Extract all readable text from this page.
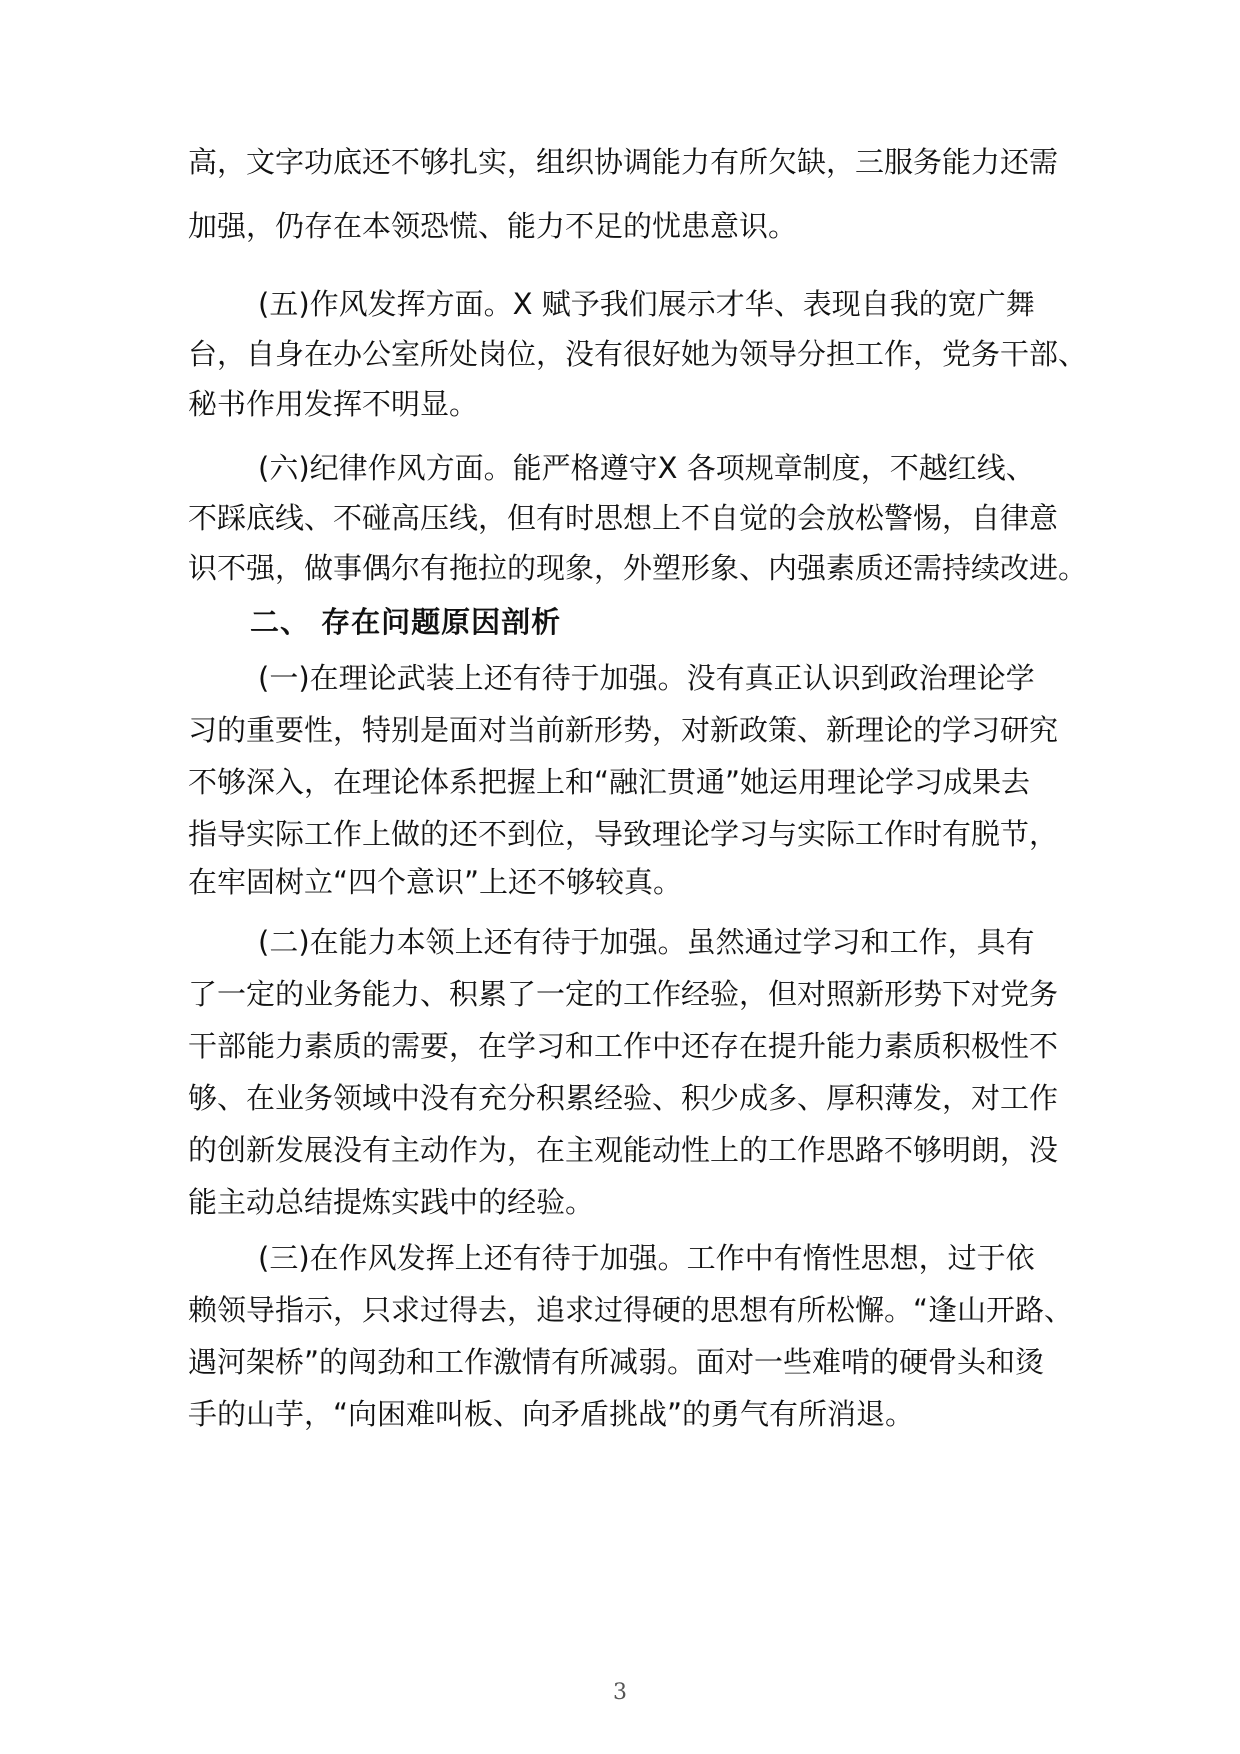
高，文字功底还不够扎实，组织协调能力有所欠缺，三服务能力还需
加强，仍存在本领恐慌、能力不足的忧患意识。
(五)作风发挥方面。X 赋予我们展示才华、表现自我的宽广舞
台，自身在办公室所处岗位，没有很好她为领导分担工作，党务干部、
秘书作用发挥不明显。
(六)纪律作风方面。能严格遵守X 各项规章制度，不越红线、
不踩底线、不碰高压线，但有时思想上不自觉的会放松警惕，自律意
识不强，做事偶尔有拖拉的现象，外塑形象、内强素质还需持续改进。
二、 存在问题原因剖析
(一)在理论武装上还有待于加强。没有真正认识到政治理论学
习的重要性，特别是面对当前新形势，对新政策、新理论的学习研究
不够深入，在理论体系把握上和“融汇贯通”她运用理论学习成果去
指导实际工作上做的还不到位，导致理论学习与实际工作时有脱节，
在牢固树立“四个意识”上还不够较真。
(二)在能力本领上还有待于加强。虽然通过学习和工作，具有
了一定的业务能力、积累了一定的工作经验，但对照新形势下对党务
干部能力素质的需要，在学习和工作中还存在提升能力素质积极性不
够、在业务领域中没有充分积累经验、积少成多、厚积薄发，对工作
的创新发展没有主动作为，在主观能动性上的工作思路不够明朗，没
能主动总结提炼实践中的经验。
(三)在作风发挥上还有待于加强。工作中有惰性思想，过于依
赖领导指示，只求过得去，追求过得硬的思想有所松懈。“逢山开路、
遇河架桥”的闯劲和工作激情有所减弱。面对一些难啃的硬骨头和烫
手的山芋，“向困难叫板、向矛盾挑战”的勇气有所消退。
3
